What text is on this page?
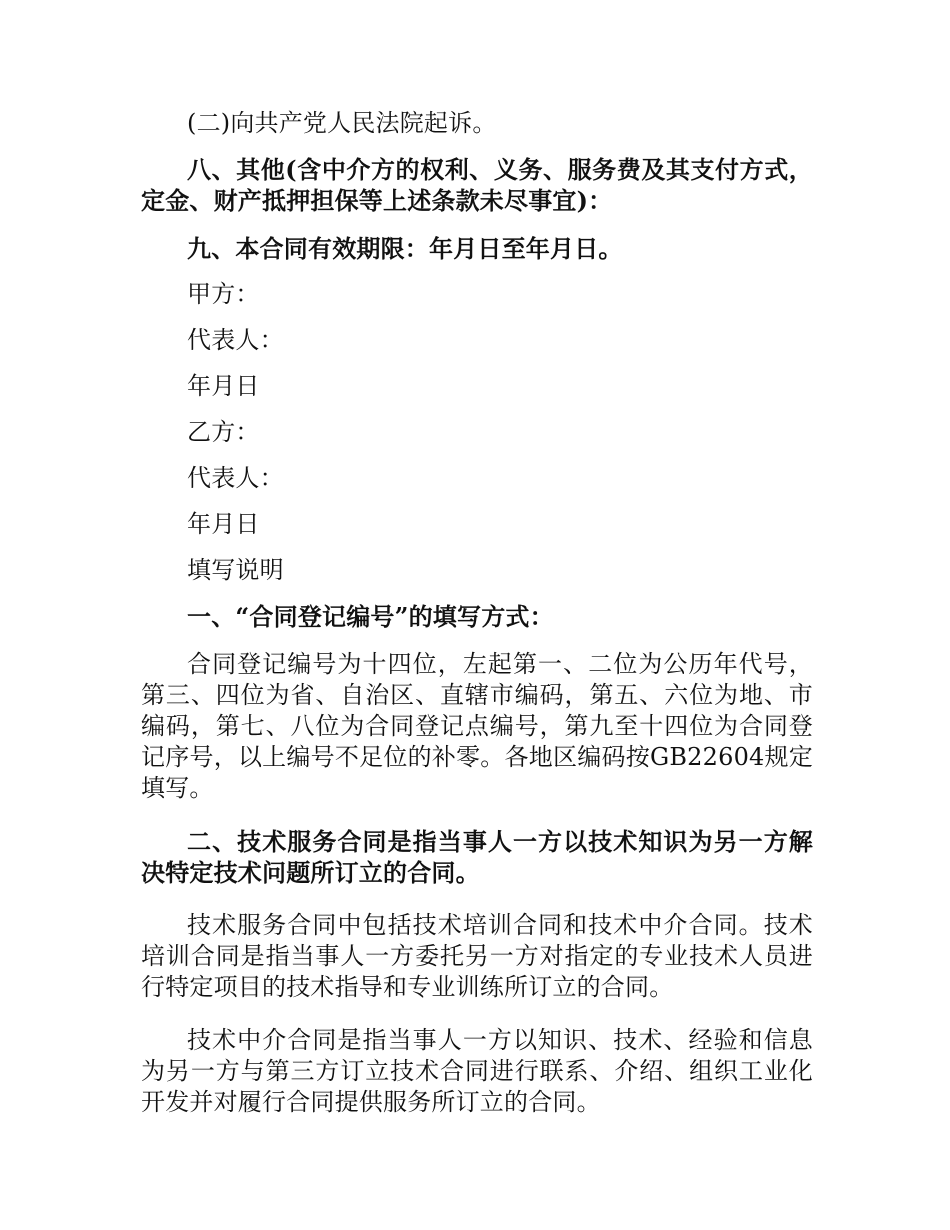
(二)向共产党人民法院起诉。

八、其他(含中介方的权利、义务、服务费及其支付方式，定金、财产抵押担保等上述条款未尽事宜)：

九、本合同有效期限：年月日至年月日。

甲方：

代表人：

年月日

乙方：

代表人：

年月日

填写说明

一、“合同登记编号”的填写方式：

合同登记编号为十四位，左起第一、二位为公历年代号，第三、四位为省、自治区、直辖市编码，第五、六位为地、市编码，第七、八位为合同登记点编号，第九至十四位为合同登记序号，以上编号不足位的补零。各地区编码按GB22604规定填写。

二、技术服务合同是指当事人一方以技术知识为另一方解决特定技术问题所订立的合同。

技术服务合同中包括技术培训合同和技术中介合同。技术培训合同是指当事人一方委托另一方对指定的专业技术人员进行特定项目的技术指导和专业训练所订立的合同。

技术中介合同是指当事人一方以知识、技术、经验和信息为另一方与第三方订立技术合同进行联系、介绍、组织工业化开发并对履行合同提供服务所订立的合同。
